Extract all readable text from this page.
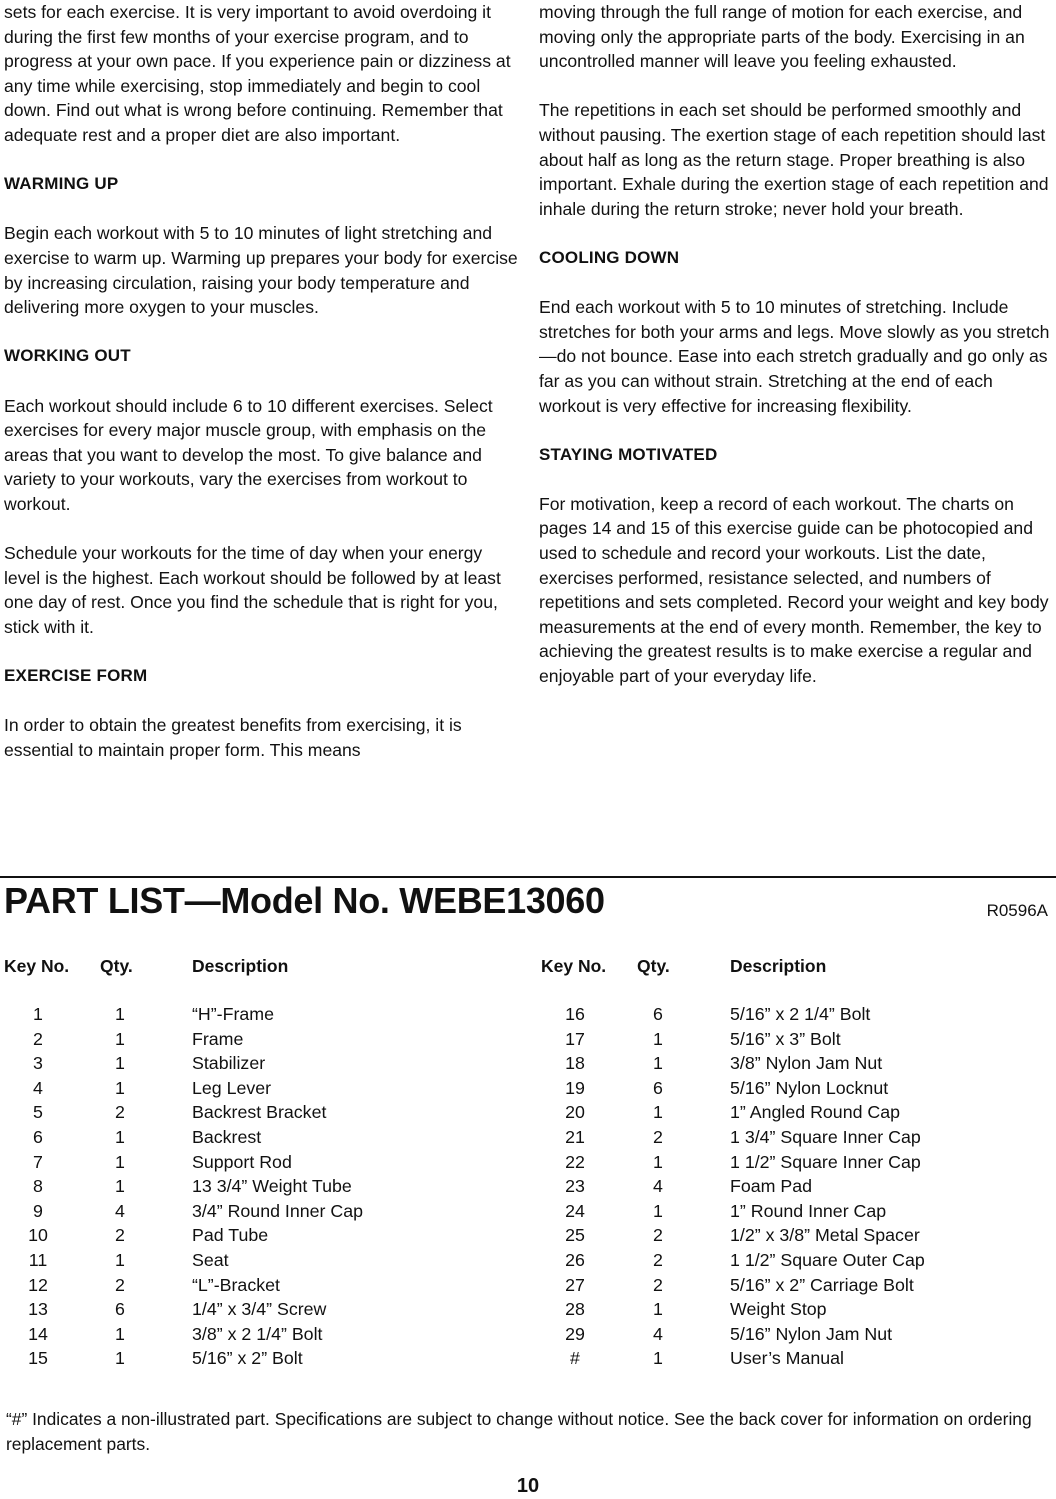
sets for each exercise. It is very important to avoid overdoing it during the first few months of your exercise program, and to progress at your own pace. If you experience pain or dizziness at any time while exercising, stop immediately and begin to cool down. Find out what is wrong before continuing. Remember that adequate rest and a proper diet are also important.

WARMING UP

Begin each workout with 5 to 10 minutes of light stretching and exercise to warm up. Warming up prepares your body for exercise by increasing circulation, raising your body temperature and delivering more oxygen to your muscles.

WORKING OUT

Each workout should include 6 to 10 different exercises. Select exercises for every major muscle group, with emphasis on the areas that you want to develop the most. To give balance and variety to your workouts, vary the exercises from workout to workout.

Schedule your workouts for the time of day when your energy level is the highest. Each workout should be followed by at least one day of rest. Once you find the schedule that is right for you, stick with it.

EXERCISE FORM

In order to obtain the greatest benefits from exercising, it is essential to maintain proper form. This means

moving through the full range of motion for each exercise, and moving only the appropriate parts of the body. Exercising in an uncontrolled manner will leave you feeling exhausted.

The repetitions in each set should be performed smoothly and without pausing. The exertion stage of each repetition should last about half as long as the return stage. Proper breathing is also important. Exhale during the exertion stage of each repetition and inhale during the return stroke; never hold your breath.

COOLING DOWN

End each workout with 5 to 10 minutes of stretching. Include stretches for both your arms and legs. Move slowly as you stretch—do not bounce. Ease into each stretch gradually and go only as far as you can without strain. Stretching at the end of each workout is very effective for increasing flexibility.

STAYING MOTIVATED

For motivation, keep a record of each workout. The charts on pages 14 and 15 of this exercise guide can be photocopied and used to schedule and record your workouts. List the date, exercises performed, resistance selected, and numbers of repetitions and sets completed. Record your weight and key body measurements at the end of every month. Remember, the key to achieving the greatest results is to make exercise a regular and enjoyable part of your everyday life.

PART LIST—Model No. WEBE13060	R0596A
Key No. Qty.	Description
1	1	“H”-Frame
2	1	Frame
3	1	Stabilizer
4	1	Leg Lever
5	2	Backrest Bracket
6	1	Backrest
7	1	Support Rod
8	1	13 3/4” Weight Tube
9	4	3/4” Round Inner Cap
10	2	Pad Tube
11	1	Seat
12	2	“L”-Bracket
13	6	1/4” x 3/4” Screw
14	1	3/8” x 2 1/4” Bolt
15	1	5/16” x 2” Bolt
Key No. Qty.	Description
16	6	5/16” x 2 1/4” Bolt
17	1	5/16” x 3” Bolt
18	1	3/8” Nylon Jam Nut
19	6	5/16” Nylon Locknut
20	1	1” Angled Round Cap
21	2	1 3/4” Square Inner Cap
22	1	1 1/2” Square Inner Cap
23	4	Foam Pad
24	1	1” Round Inner Cap
25	2	1/2” x 3/8” Metal Spacer
26	2	1 1/2” Square Outer Cap
27	2	5/16” x 2” Carriage Bolt
28	1	Weight Stop
29	4	5/16” Nylon Jam Nut
#	1	User’s Manual

“#” Indicates a non-illustrated part. Specifications are subject to change without notice. See the back cover for information on ordering replacement parts.

10
